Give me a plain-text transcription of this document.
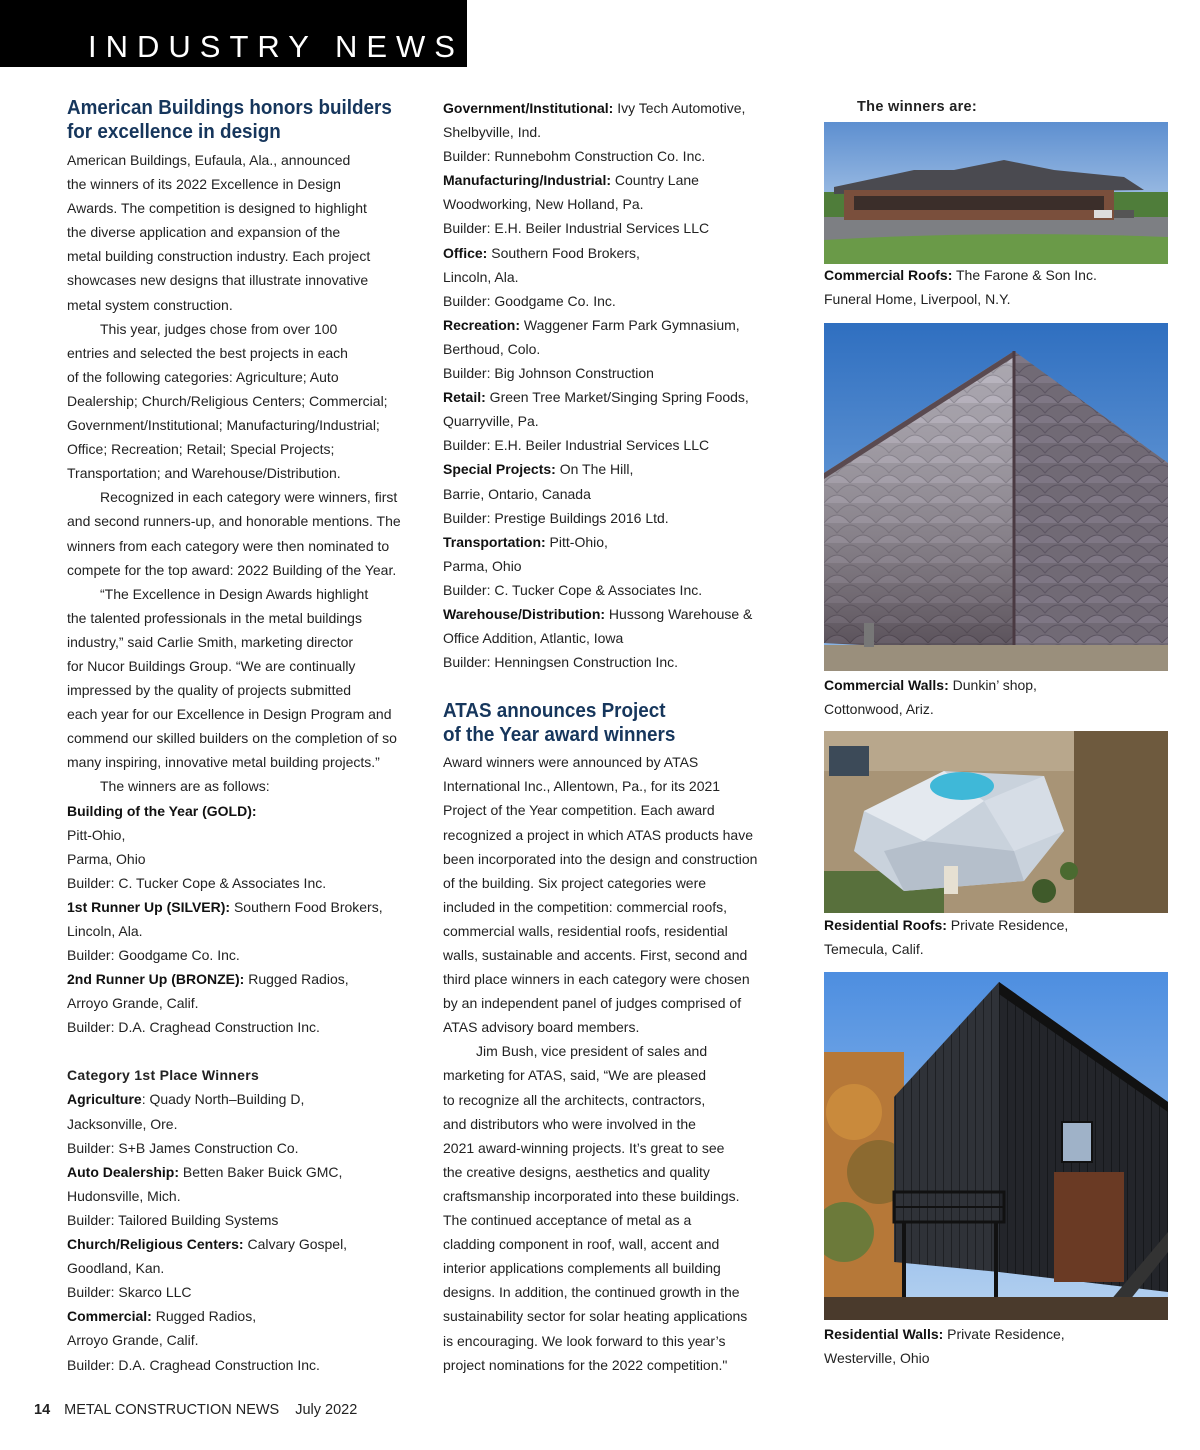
INDUSTRY NEWS
American Buildings honors builders
for excellence in design
American Buildings, Eufaula, Ala., announced
the winners of its 2022 Excellence in Design
Awards. The competition is designed to highlight
the diverse application and expansion of the
metal building construction industry. Each project
showcases new designs that illustrate innovative
metal system construction.
This year, judges chose from over 100
entries and selected the best projects in each
of the following categories: Agriculture; Auto
Dealership; Church/Religious Centers; Commercial;
Government/Institutional; Manufacturing/Industrial;
Office; Recreation; Retail; Special Projects;
Transportation; and Warehouse/Distribution.
Recognized in each category were winners, first
and second runners-up, and honorable mentions. The
winners from each category were then nominated to
compete for the top award: 2022 Building of the Year.
“The Excellence in Design Awards highlight
the talented professionals in the metal buildings
industry,” said Carlie Smith, marketing director
for Nucor Buildings Group. “We are continually
impressed by the quality of projects submitted
each year for our Excellence in Design Program and
commend our skilled builders on the completion of so
many inspiring, innovative metal building projects.”
The winners are as follows:
Building of the Year (GOLD):
Pitt-Ohio,
Parma, Ohio
Builder: C. Tucker Cope & Associates Inc.
1st Runner Up (SILVER): Southern Food Brokers,
Lincoln, Ala.
Builder: Goodgame Co. Inc.
2nd Runner Up (BRONZE): Rugged Radios,
Arroyo Grande, Calif.
Builder: D.A. Craghead Construction Inc.
Category 1st Place Winners
Agriculture: Quady North–Building D,
Jacksonville, Ore.
Builder: S+B James Construction Co.
Auto Dealership: Betten Baker Buick GMC,
Hudonsville, Mich.
Builder: Tailored Building Systems
Church/Religious Centers: Calvary Gospel,
Goodland, Kan.
Builder: Skarco LLC
Commercial: Rugged Radios,
Arroyo Grande, Calif.
Builder: D.A. Craghead Construction Inc.
Government/Institutional: Ivy Tech Automotive,
Shelbyville, Ind.
Builder: Runnebohm Construction Co. Inc.
Manufacturing/Industrial: Country Lane
Woodworking, New Holland, Pa.
Builder: E.H. Beiler Industrial Services LLC
Office: Southern Food Brokers,
Lincoln, Ala.
Builder: Goodgame Co. Inc.
Recreation: Waggener Farm Park Gymnasium,
Berthoud, Colo.
Builder: Big Johnson Construction
Retail: Green Tree Market/Singing Spring Foods,
Quarryville, Pa.
Builder: E.H. Beiler Industrial Services LLC
Special Projects: On The Hill,
Barrie, Ontario, Canada
Builder: Prestige Buildings 2016 Ltd.
Transportation: Pitt-Ohio,
Parma, Ohio
Builder: C. Tucker Cope & Associates Inc.
Warehouse/Distribution: Hussong Warehouse &
Office Addition, Atlantic, Iowa
Builder: Henningsen Construction Inc.
ATAS announces Project
of the Year award winners
Award winners were announced by ATAS
International Inc., Allentown, Pa., for its 2021
Project of the Year competition. Each award
recognized a project in which ATAS products have
been incorporated into the design and construction
of the building. Six project categories were
included in the competition: commercial roofs,
commercial walls, residential roofs, residential
walls, sustainable and accents. First, second and
third place winners in each category were chosen
by an independent panel of judges comprised of
ATAS advisory board members.
Jim Bush, vice president of sales and
marketing for ATAS, said, “We are pleased
to recognize all the architects, contractors,
and distributors who were involved in the
2021 award-winning projects. It’s great to see
the creative designs, aesthetics and quality
craftsmanship incorporated into these buildings.
The continued acceptance of metal as a
cladding component in roof, wall, accent and
interior applications complements all building
designs. In addition, the continued growth in the
sustainability sector for solar heating applications
is encouraging. We look forward to this year’s
project nominations for the 2022 competition."
The winners are:
Commercial Roofs: The Farone & Son Inc.
Funeral Home, Liverpool, N.Y.
Commercial Walls: Dunkin’ shop,
Cottonwood, Ariz.
Residential Roofs: Private Residence,
Temecula, Calif.
Residential Walls: Private Residence,
Westerville, Ohio
14 METAL CONSTRUCTION NEWS July 2022
